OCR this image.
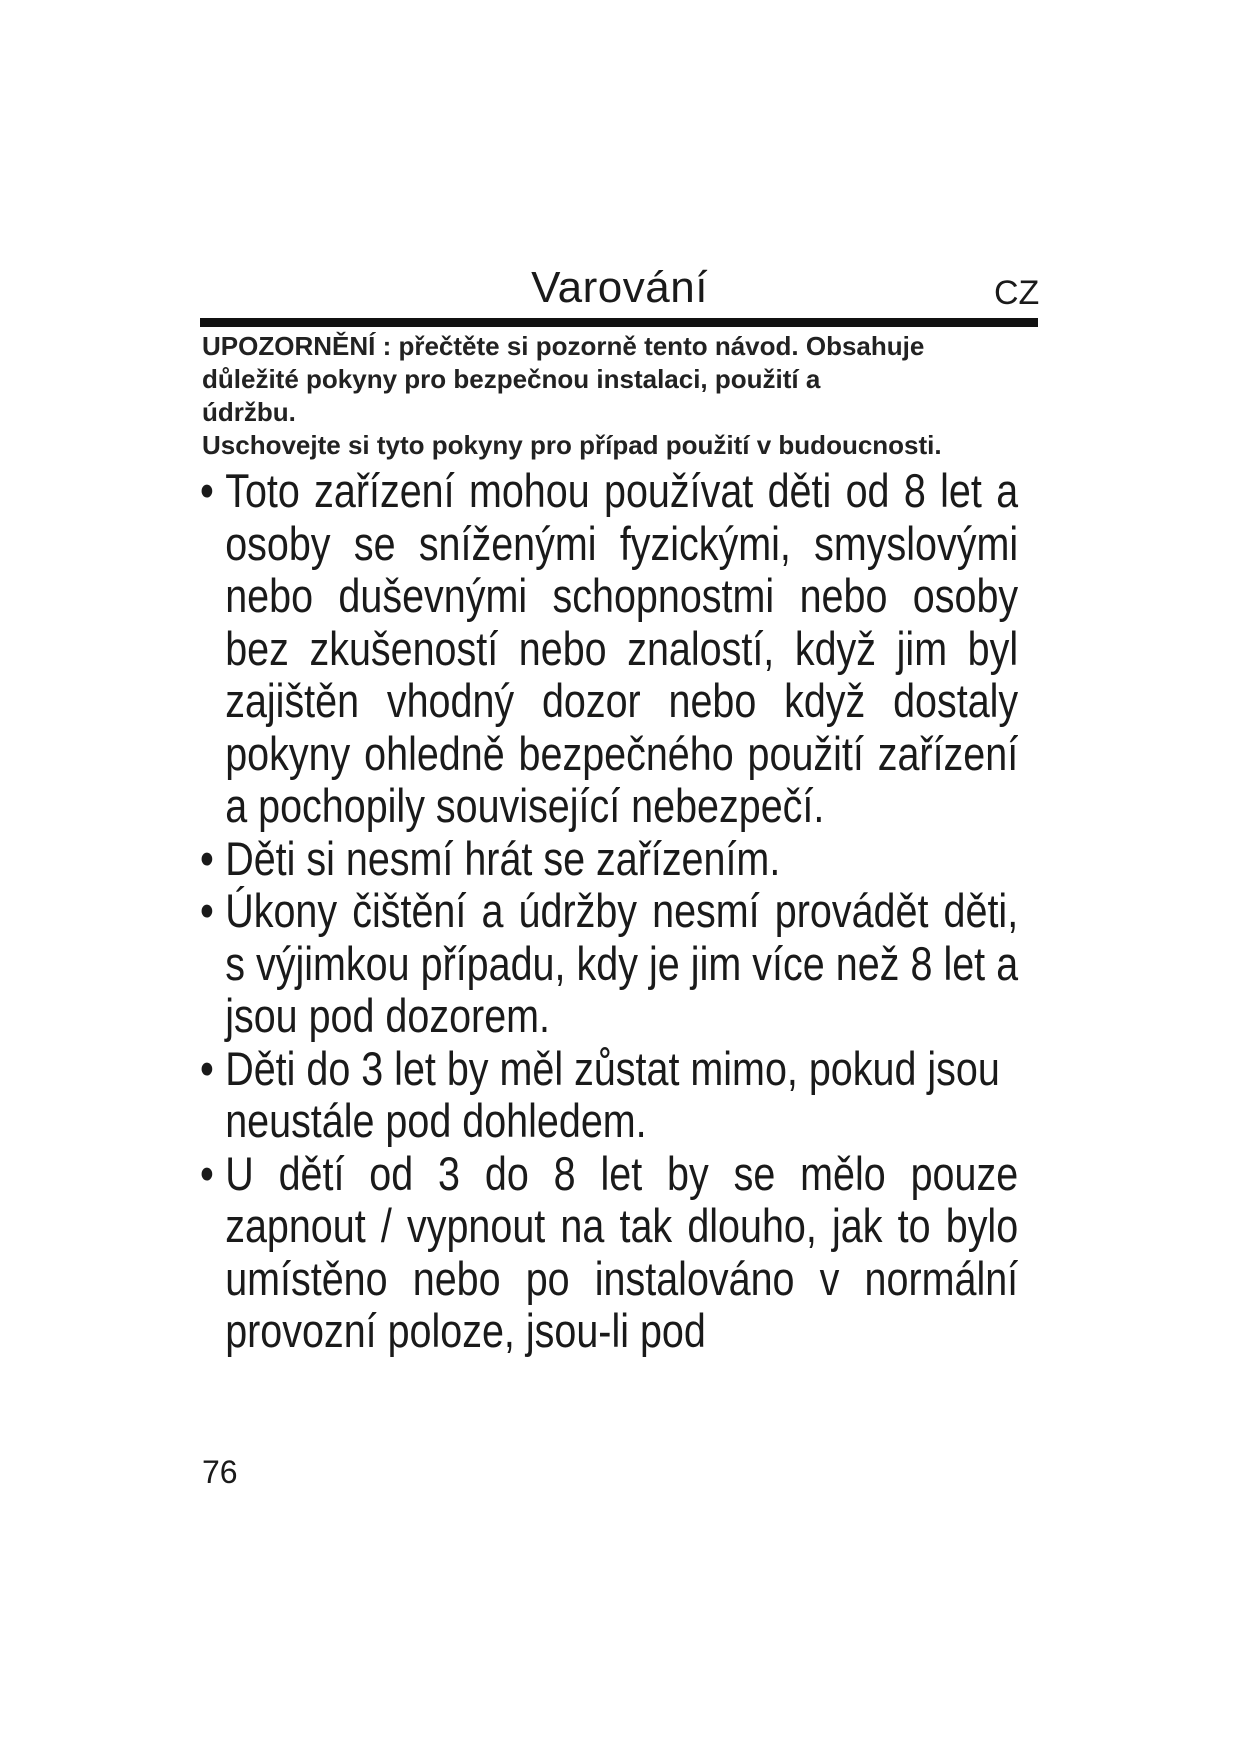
Varování	CZ

UPOZORNĚNÍ : přečtěte si pozorně tento návod. Obsahuje

důležité pokyny pro bezpečnou instalaci, použití a

údržbu.

Uschovejte si tyto pokyny pro případ použití v budoucnosti.

• Toto zařízení mohou používat děti od 8 let a osoby se sníženými fyzickými, smyslovými nebo duševnými schopnostmi nebo osoby bez zkušeností nebo znalostí, když jim byl zajištěn vhodný dozor nebo když dostaly pokyny ohledně bezpečného použití zařízení a pochopily související nebezpečí.

• Děti si nesmí hrát se zařízením.

• Úkony čištění a údržby nesmí provádět děti, s výjimkou případu, kdy je jim více než 8 let a jsou pod dozorem.

• Děti do 3 let by měl zůstat mimo, pokud jsou neustále pod dohledem.

• U dětí od 3 do 8 let by se mělo pouze zapnout / vypnout na tak dlouho, jak to bylo umístěno nebo po instalováno v normální provozní poloze, jsou-li pod

76
